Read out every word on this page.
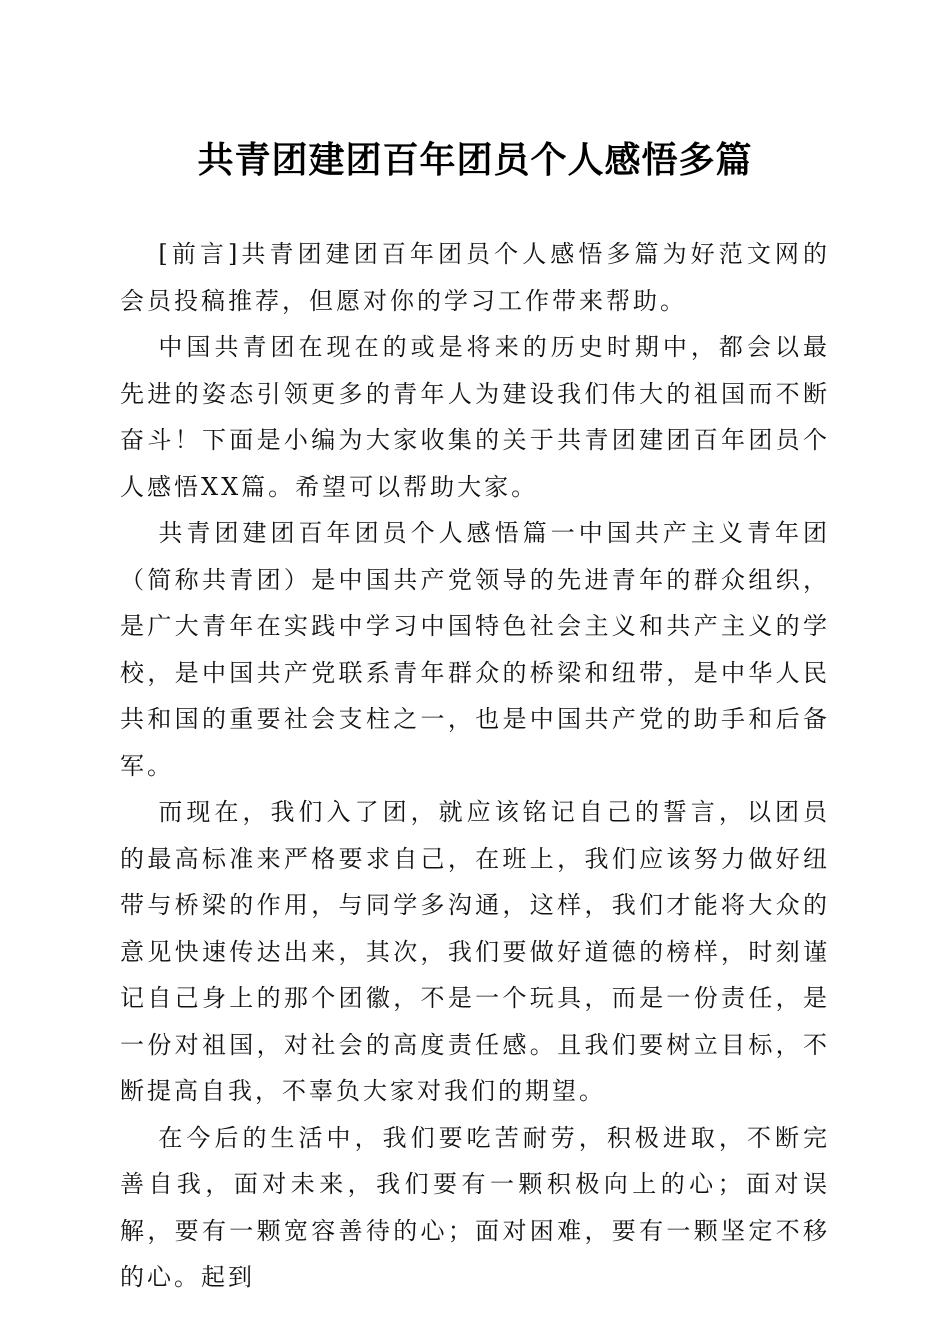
共青团建团百年团员个人感悟多篇

[前言]共青团建团百年团员个人感悟多篇为好范文网的会员投稿推荐，但愿对你的学习工作带来帮助。

中国共青团在现在的或是将来的历史时期中，都会以最先进的姿态引领更多的青年人为建设我们伟大的祖国而不断奋斗！下面是小编为大家收集的关于共青团建团百年团员个人感悟XX篇。希望可以帮助大家。

共青团建团百年团员个人感悟篇一中国共产主义青年团（简称共青团）是中国共产党领导的先进青年的群众组织，是广大青年在实践中学习中国特色社会主义和共产主义的学校，是中国共产党联系青年群众的桥梁和纽带，是中华人民共和国的重要社会支柱之一，也是中国共产党的助手和后备军。

而现在，我们入了团，就应该铭记自己的誓言，以团员的最高标准来严格要求自己，在班上，我们应该努力做好纽带与桥梁的作用，与同学多沟通，这样，我们才能将大众的意见快速传达出来，其次，我们要做好道德的榜样，时刻谨记自己身上的那个团徽，不是一个玩具，而是一份责任，是一份对祖国，对社会的高度责任感。且我们要树立目标，不断提高自我，不辜负大家对我们的期望。

在今后的生活中，我们要吃苦耐劳，积极进取，不断完善自我，面对未来，我们要有一颗积极向上的心；面对误解，要有一颗宽容善待的心；面对困难，要有一颗坚定不移的心。起到
